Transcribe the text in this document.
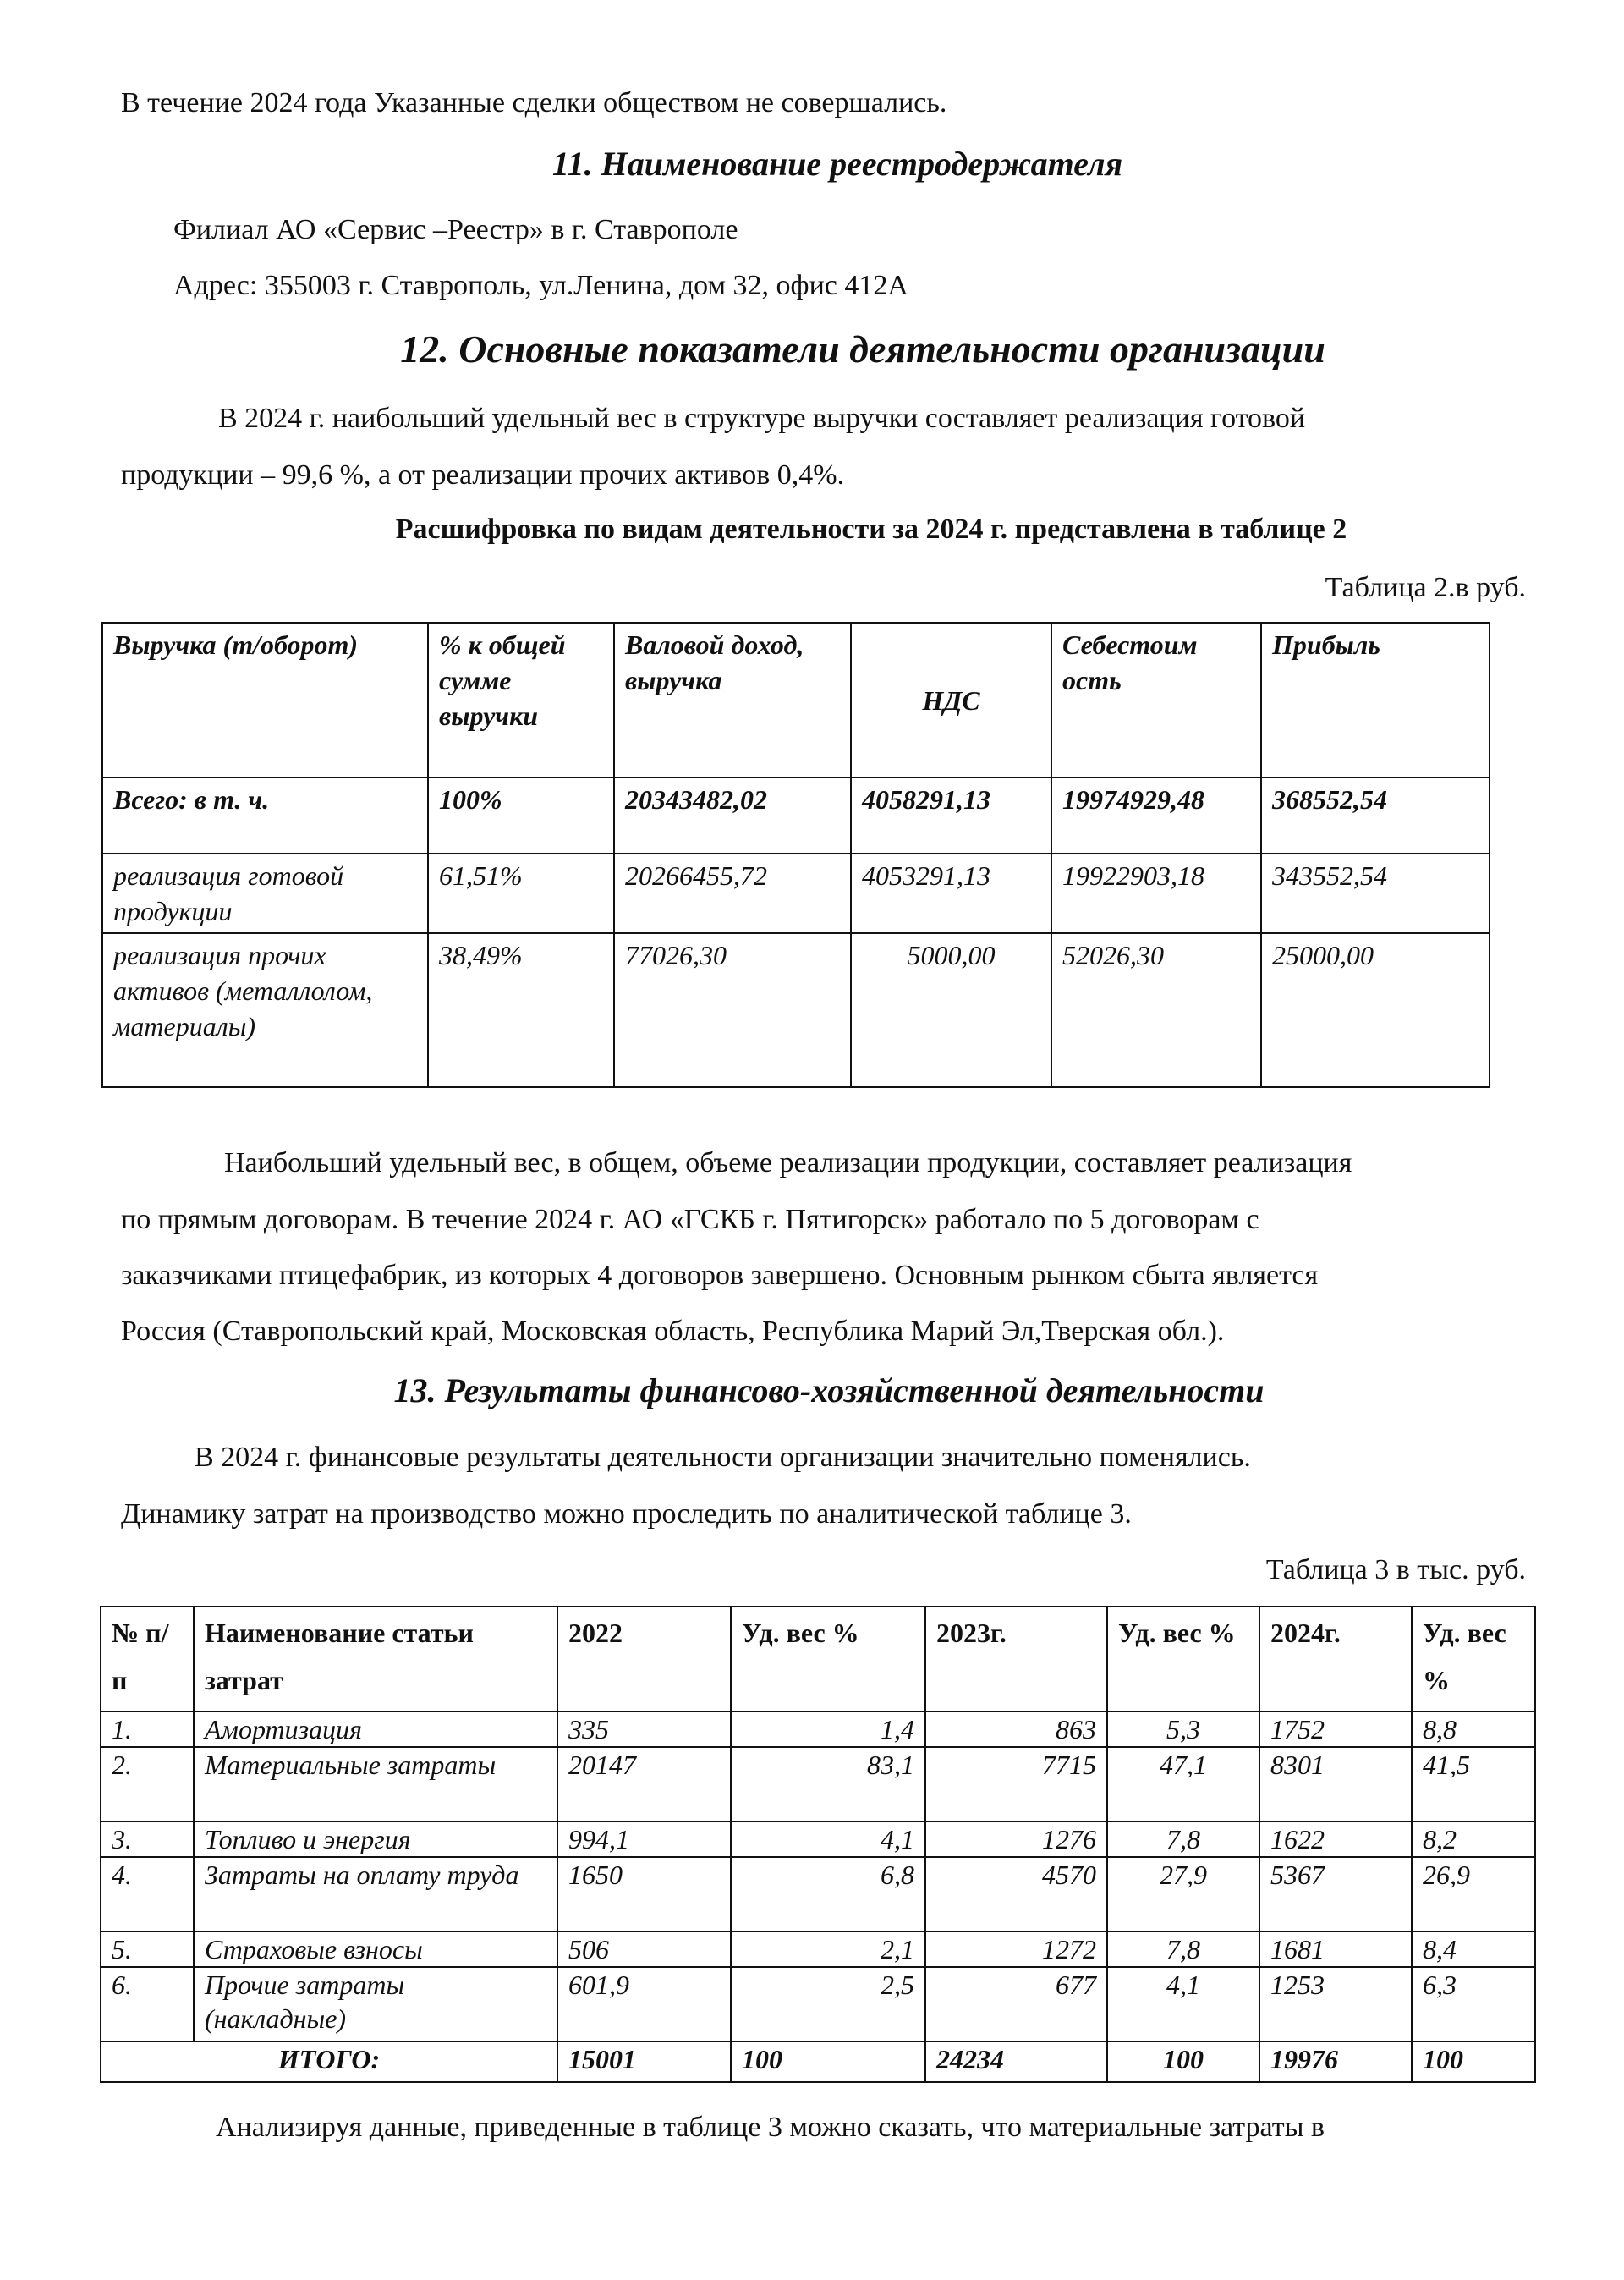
В течение 2024 года Указанные сделки обществом не совершались.
11. Наименование реестродержателя
Филиал АО «Сервис –Реестр» в г. Ставрополе
Адрес: 355003 г. Ставрополь, ул.Ленина, дом 32, офис 412А
12. Основные показатели деятельности организации
В 2024 г. наибольший удельный вес в структуре выручки составляет реализация готовой
продукции – 99,6 %, а от реализации прочих активов 0,4%.
Расшифровка по видам деятельности за 2024 г. представлена в таблице 2
Таблица 2.в руб.
Выручка (т/оборот)	% к общей сумме выручки	Валовой доход, выручка	НДС	Себестоим ость	Прибыль
Всего: в т. ч.	100%	20343482,02	4058291,13	19974929,48	368552,54
реализация готовой продукции	61,51%	20266455,72	4053291,13	19922903,18	343552,54
реализация прочих активов (металлолом, материалы)	38,49%	77026,30	5000,00	52026,30	25000,00
Наибольший удельный вес, в общем, объеме реализации продукции, составляет реализация
по прямым договорам. В течение 2024 г. АО «ГСКБ г. Пятигорск» работало по 5 договорам с
заказчиками птицефабрик, из которых 4 договоров завершено. Основным рынком сбыта является
Россия (Ставропольский край, Московская область, Республика Марий Эл,Тверская обл.).
13. Результаты финансово-хозяйственной деятельности
В 2024 г. финансовые результаты деятельности организации значительно поменялись.
Динамику затрат на производство можно проследить по аналитической таблице 3.
Таблица 3 в тыс. руб.
№ п/п	Наименование статьи затрат	2022	Уд. вес %	2023г.	Уд. вес %	2024г.	Уд. вес %
1.	Амортизация	335	1,4	863	5,3	1752	8,8
2.	Материальные затраты	20147	83,1	7715	47,1	8301	41,5
3.	Топливо и энергия	994,1	4,1	1276	7,8	1622	8,2
4.	Затраты на оплату труда	1650	6,8	4570	27,9	5367	26,9
5.	Страховые взносы	506	2,1	1272	7,8	1681	8,4
6.	Прочие затраты (накладные)	601,9	2,5	677	4,1	1253	6,3
ИТОГО:		15001	100	24234	100	19976	100
Анализируя данные, приведенные в таблице 3 можно сказать, что материальные затраты в
